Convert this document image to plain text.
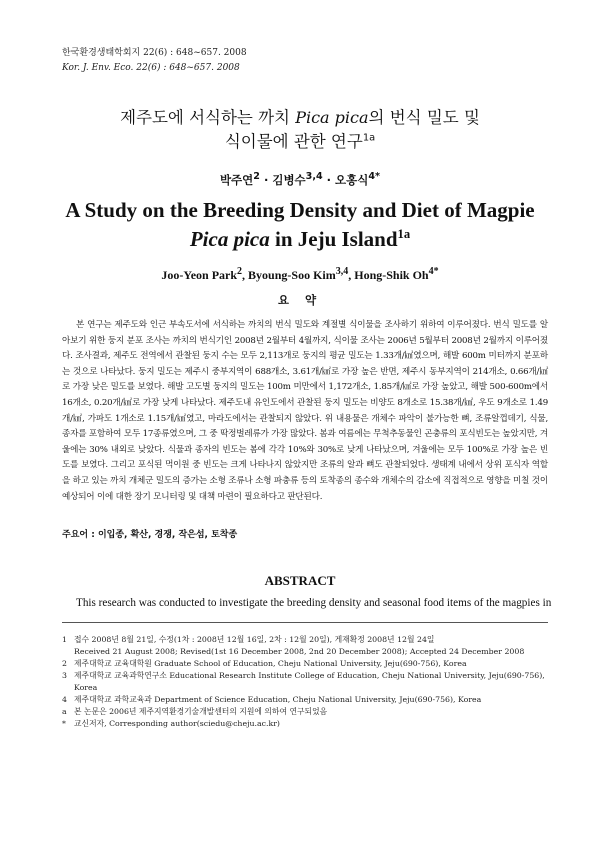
한국환경생태학회지 22(6) : 648~657. 2008
Kor. J. Env. Eco. 22(6) : 648~657. 2008
제주도에 서식하는 까치 Pica pica의 번식 밀도 및
식이물에 관한 연구$^{1a}$
박주연$^2$ · 김병수$^{3,4}$ · 오홍식$^{4*}$
A Study on the Breeding Density and Diet of Magpie
Pica pica in Jeju Island$^{1a}$
Joo-Yeon Park$^2$, Byoung-Soo Kim$^{3,4}$, Hong-Shik $Oh^{4*}$
요 약

본 연구는 제주도와 인근 부속도서에 서식하는 까치의 번식 밀도와 계절별 식이물을 조사하기 위하여 이루어졌다. 번식 밀도를 알아보기 위한 둥지 분포 조사는 까치의 번식기인 2008년 2월부터 4월까지, 식이물 조사는 2006년 5월부터 2008년 2월까지 이루어졌다. 조사결과, 제주도 전역에서 관찰된 둥지 수는 모두 2,113개로 둥지의 평균 밀도는 1.33개/㎢였으며, 해발 600m 미터까지 분포하는 것으로 나타났다. 둥지 밀도는 제주시 중부지역이 688개소, 3.61개/㎢로 가장 높은 반면, 제주시 동부지역이 214개소, 0.66개/㎢로 가장 낮은 밀도를 보였다. 해발 고도별 둥지의 밀도는 100m 미만에서 1,172개소, 1.85개/㎢로 가장 높았고, 해발 500-600m에서 16개소, 0.20개/㎢로 가장 낮게 나타났다. 제주도내 유인도에서 관찰된 둥지 밀도는 비양도 8개소로 15.38개/㎢, 우도 9개소로 1.49개/㎢, 가파도 1개소로 1.15개/㎢였고, 마라도에서는 관찰되지 않았다. 위 내용물은 개체수 파악이 불가능한 뼈, 조류알껍데기, 식물, 종자를 포함하여 모두 17종류였으며, 그 중 딱정벌레류가 가장 많았다. 봄과 여름에는 무척추동물인 곤충류의 포식빈도는 높았지만, 겨울에는 30% 내외로 낮았다. 식물과 종자의 빈도는 봄에 각각 10%와 30%로 낮게 나타났으며, 겨울에는 모두 100%로 가장 높은 빈도를 보였다. 그리고 포식된 먹이원 중 빈도는 크게 나타나지 않았지만 조류의 알과 뼈도 관찰되었다. 생태계 내에서 상위 포식자 역할을 하고 있는 까치 개체군 밀도의 증가는 소형 조류나 소형 파충류 등의 토착종의 종수와 개체수의 감소에 직접적으로 영향을 미칠 것이 예상되어 이에 대한 장기 모니터링 및 대책 마련이 필요하다고 판단된다.

주요어 : 이입종, 확산, 경쟁, 작은섬, 토착종
ABSTRACT

This research was conducted to investigate the breeding density and seasonal food items of the magpies in

1 접수 2008년 8월 21일, 수정(1차 : 2008년 12월 16일, 2차 : 12월 20일), 게재확정 2008년 12월 24일
Received 21 August 2008; Revised(1st 16 December 2008, 2nd 20 December 2008); Accepted 24 December 2008
2 제주대학교 교육대학원 Graduate School of Education, Cheju National University, Jeju(690-756), Korea
3 제주대학교 교육과학연구소 Educational Research Institute College of Education, Cheju National University, Jeju(690-756), Korea
4 제주대학교 과학교육과 Department of Science Education, Cheju National University, Jeju(690-756), Korea
a 본 논문은 2006년 제주지역환경기술개발센터의 지원에 의하여 연구되었음
*	교신저자, Corresponding author(sciedu@cheju.ac.kr)
